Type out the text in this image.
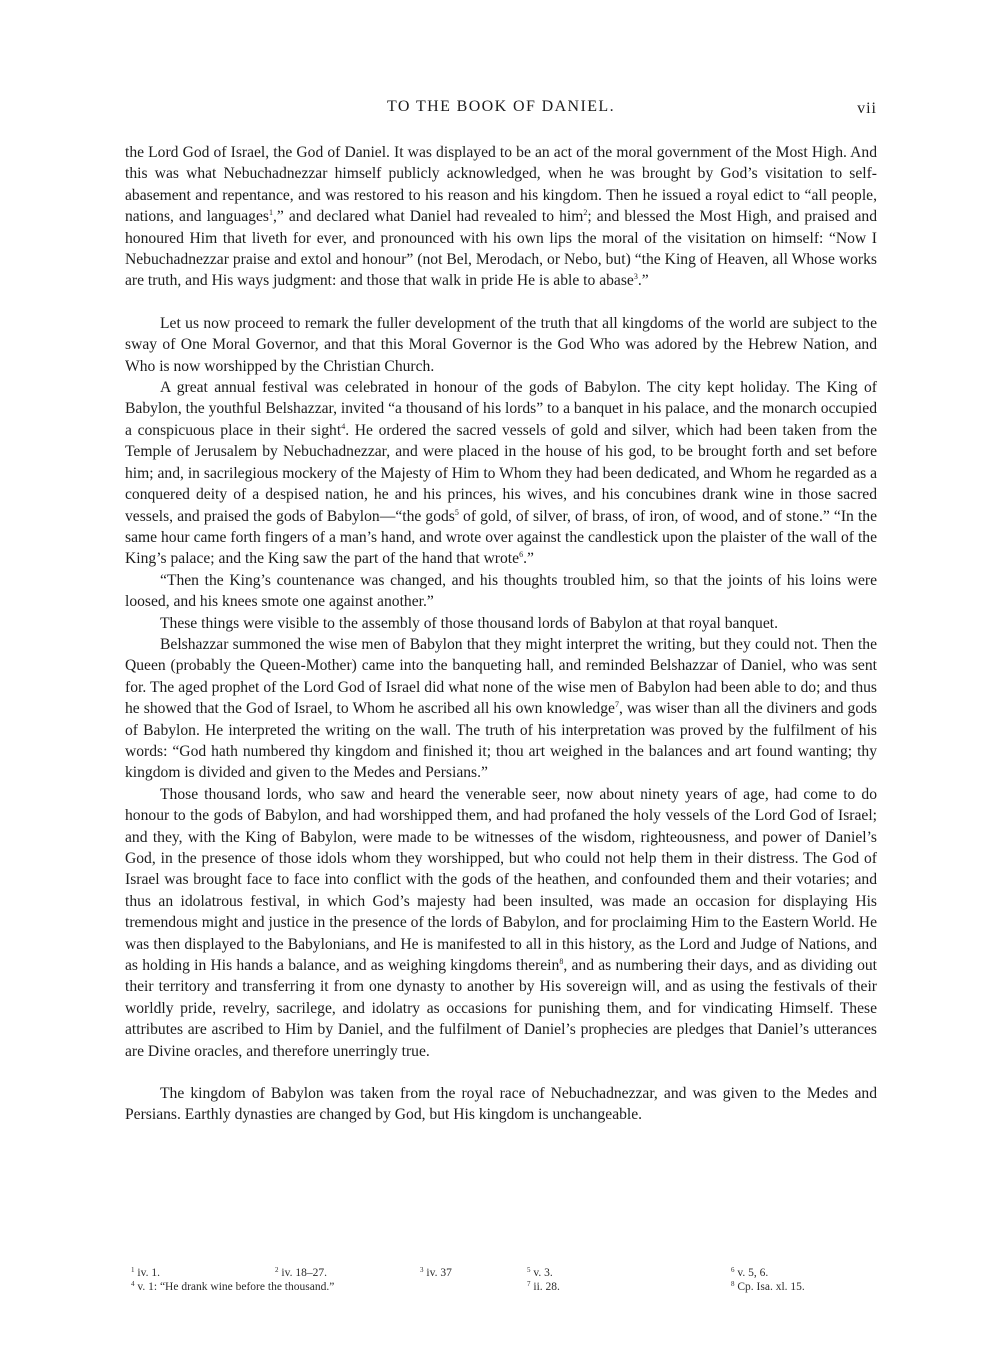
TO THE BOOK OF DANIEL.	vii

the Lord God of Israel, the God of Daniel. It was displayed to be an act of the moral government of the Most High. And this was what Nebuchadnezzar himself publicly acknowledged, when he was brought by God’s visitation to self-abasement and repentance, and was restored to his reason and his kingdom. Then he issued a royal edict to “all people, nations, and languages$^1$,” and declared what Daniel had revealed to him$^2$; and blessed the Most High, and praised and honoured Him that liveth for ever, and pronounced with his own lips the moral of the visitation on himself: “Now I Nebuchadnezzar praise and extol and honour” (not Bel, Merodach, or Nebo, but) “the King of Heaven, all Whose works are truth, and His ways judgment: and those that walk in pride He is able to abase$^3$.”

Let us now proceed to remark the fuller development of the truth that all kingdoms of the world are subject to the sway of One Moral Governor, and that this Moral Governor is the God Who was adored by the Hebrew Nation, and Who is now worshipped by the Christian Church.

A great annual festival was celebrated in honour of the gods of Babylon. The city kept holiday. The King of Babylon, the youthful Belshazzar, invited “a thousand of his lords” to a banquet in his palace, and the monarch occupied a conspicuous place in their sight$^4$. He ordered the sacred vessels of gold and silver, which had been taken from the Temple of Jerusalem by Nebuchadnezzar, and were placed in the house of his god, to be brought forth and set before him; and, in sacrilegious mockery of the Majesty of Him to Whom they had been dedicated, and Whom he regarded as a conquered deity of a despised nation, he and his princes, his wives, and his concubines drank wine in those sacred vessels, and praised the gods of Babylon—“the gods$^5$ of gold, of silver, of brass, of iron, of wood, and of stone.” “In the same hour came forth fingers of a man’s hand, and wrote over against the candlestick upon the plaister of the wall of the King’s palace; and the King saw the part of the hand that wrote$^6$.”

“Then the King’s countenance was changed, and his thoughts troubled him, so that the joints of his loins were loosed, and his knees smote one against another.”

These things were visible to the assembly of those thousand lords of Babylon at that royal banquet.

Belshazzar summoned the wise men of Babylon that they might interpret the writing, but they could not. Then the Queen (probably the Queen-Mother) came into the banqueting hall, and reminded Belshazzar of Daniel, who was sent for. The aged prophet of the Lord God of Israel did what none of the wise men of Babylon had been able to do; and thus he showed that the God of Israel, to Whom he ascribed all his own knowledge$^7$, was wiser than all the diviners and gods of Babylon. He interpreted the writing on the wall. The truth of his interpretation was proved by the fulfilment of his words: “God hath numbered thy kingdom and finished it; thou art weighed in the balances and art found wanting; thy kingdom is divided and given to the Medes and Persians.”

Those thousand lords, who saw and heard the venerable seer, now about ninety years of age, had come to do honour to the gods of Babylon, and had worshipped them, and had profaned the holy vessels of the Lord God of Israel; and they, with the King of Babylon, were made to be witnesses of the wisdom, righteousness, and power of Daniel’s God, in the presence of those idols whom they worshipped, but who could not help them in their distress. The God of Israel was brought face to face into conflict with the gods of the heathen, and confounded them and their votaries; and thus an idolatrous festival, in which God’s majesty had been insulted, was made an occasion for displaying His tremendous might and justice in the presence of the lords of Babylon, and for proclaiming Him to the Eastern World. He was then displayed to the Babylonians, and He is manifested to all in this history, as the Lord and Judge of Nations, and as holding in His hands a balance, and as weighing kingdoms therein$^8$, and as numbering their days, and as dividing out their territory and transferring it from one dynasty to another by His sovereign will, and as using the festivals of their worldly pride, revelry, sacrilege, and idolatry as occasions for punishing them, and for vindicating Himself. These attributes are ascribed to Him by Daniel, and the fulfilment of Daniel’s prophecies are pledges that Daniel’s utterances are Divine oracles, and therefore unerringly true.

The kingdom of Babylon was taken from the royal race of Nebuchadnezzar, and was given to the Medes and Persians. Earthly dynasties are changed by God, but His kingdom is unchangeable.

$^1$ iv. 1.	$^2$ iv. 18–27.	$^3$ iv. 37	$^5$ v. 3.	$^6$ v. 5, 6.
$^4$ v. 1: “He drank wine before the thousand.”	$^7$ ii. 28.	$^8$ Cp. Isa. xl. 15.
